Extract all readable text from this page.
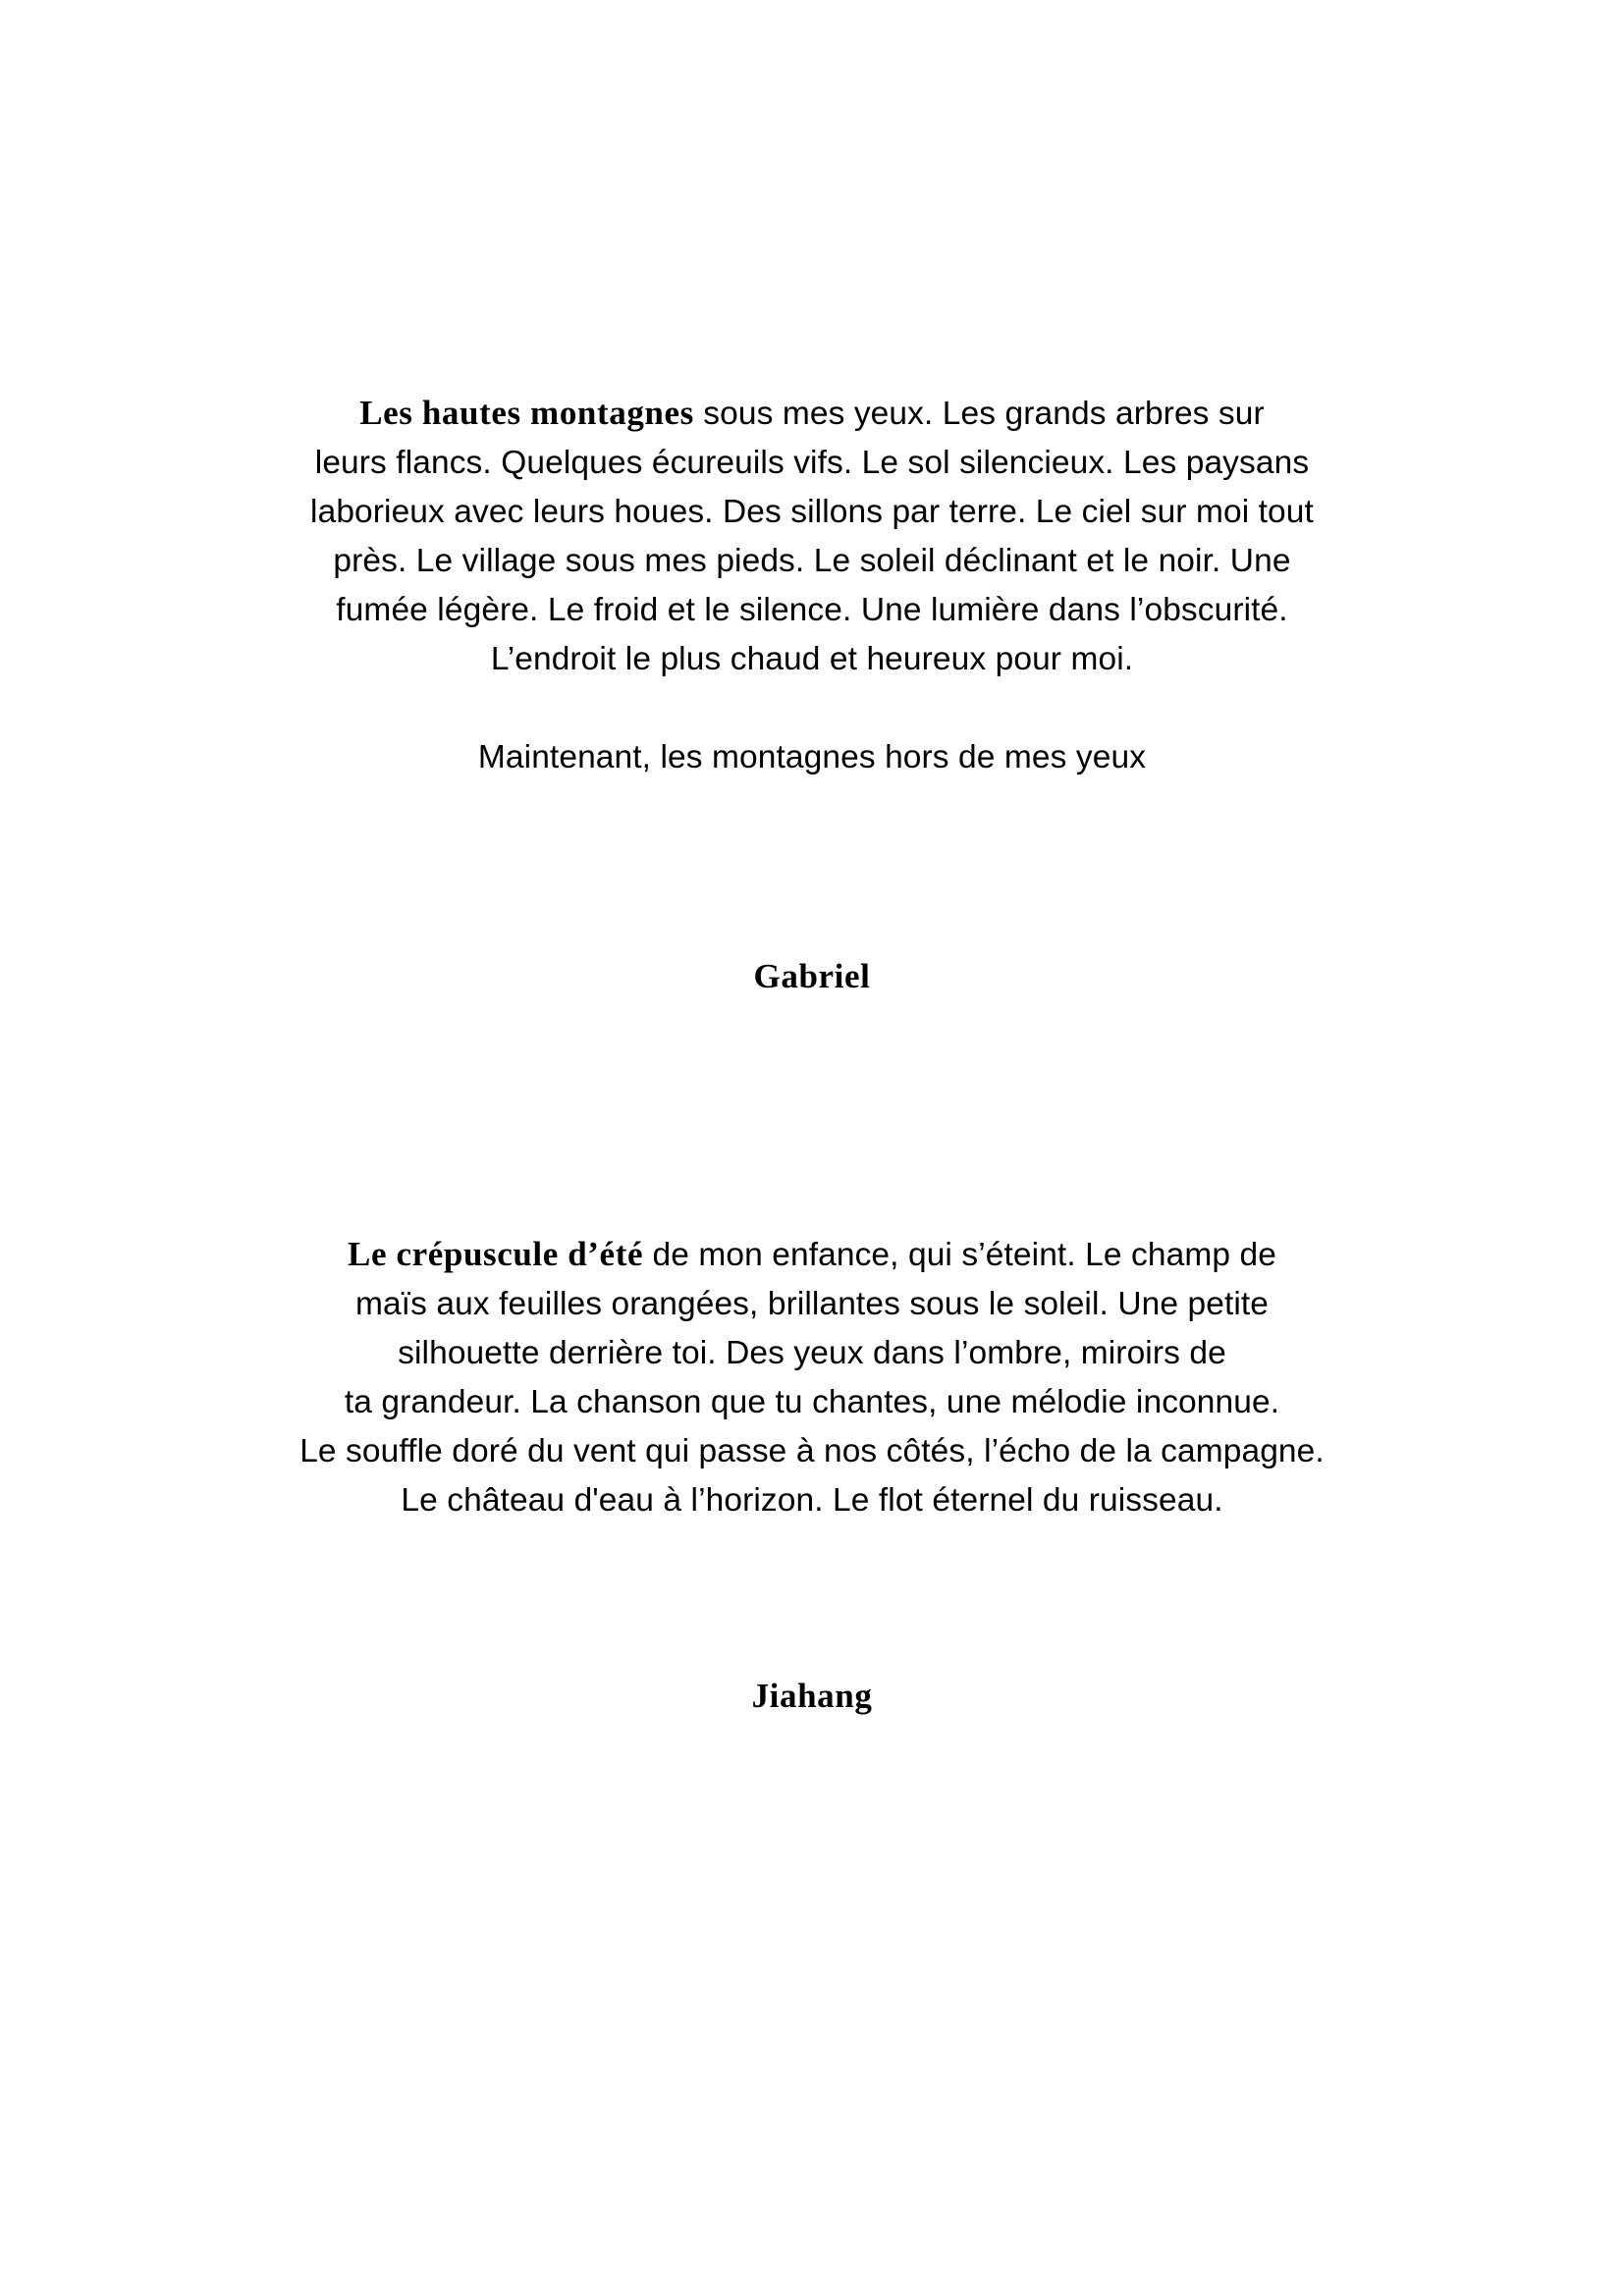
Les hautes montagnes sous mes yeux. Les grands arbres sur
leurs flancs. Quelques écureuils vifs. Le sol silencieux. Les paysans
laborieux avec leurs houes. Des sillons par terre. Le ciel sur moi tout
près. Le village sous mes pieds. Le soleil déclinant et le noir. Une
fumée légère. Le froid et le silence. Une lumière dans l’obscurité.
L’endroit le plus chaud et heureux pour moi.
Maintenant, les montagnes hors de mes yeux
Gabriel
Le crépuscule d’été de mon enfance, qui s’éteint. Le champ de
maïs aux feuilles orangées, brillantes sous le soleil. Une petite
silhouette derrière toi. Des yeux dans l’ombre, miroirs de
ta grandeur. La chanson que tu chantes, une mélodie inconnue.
Le souffle doré du vent qui passe à nos côtés, l’écho de la campagne.
Le château d'eau à l’horizon. Le flot éternel du ruisseau.
Jiahang
